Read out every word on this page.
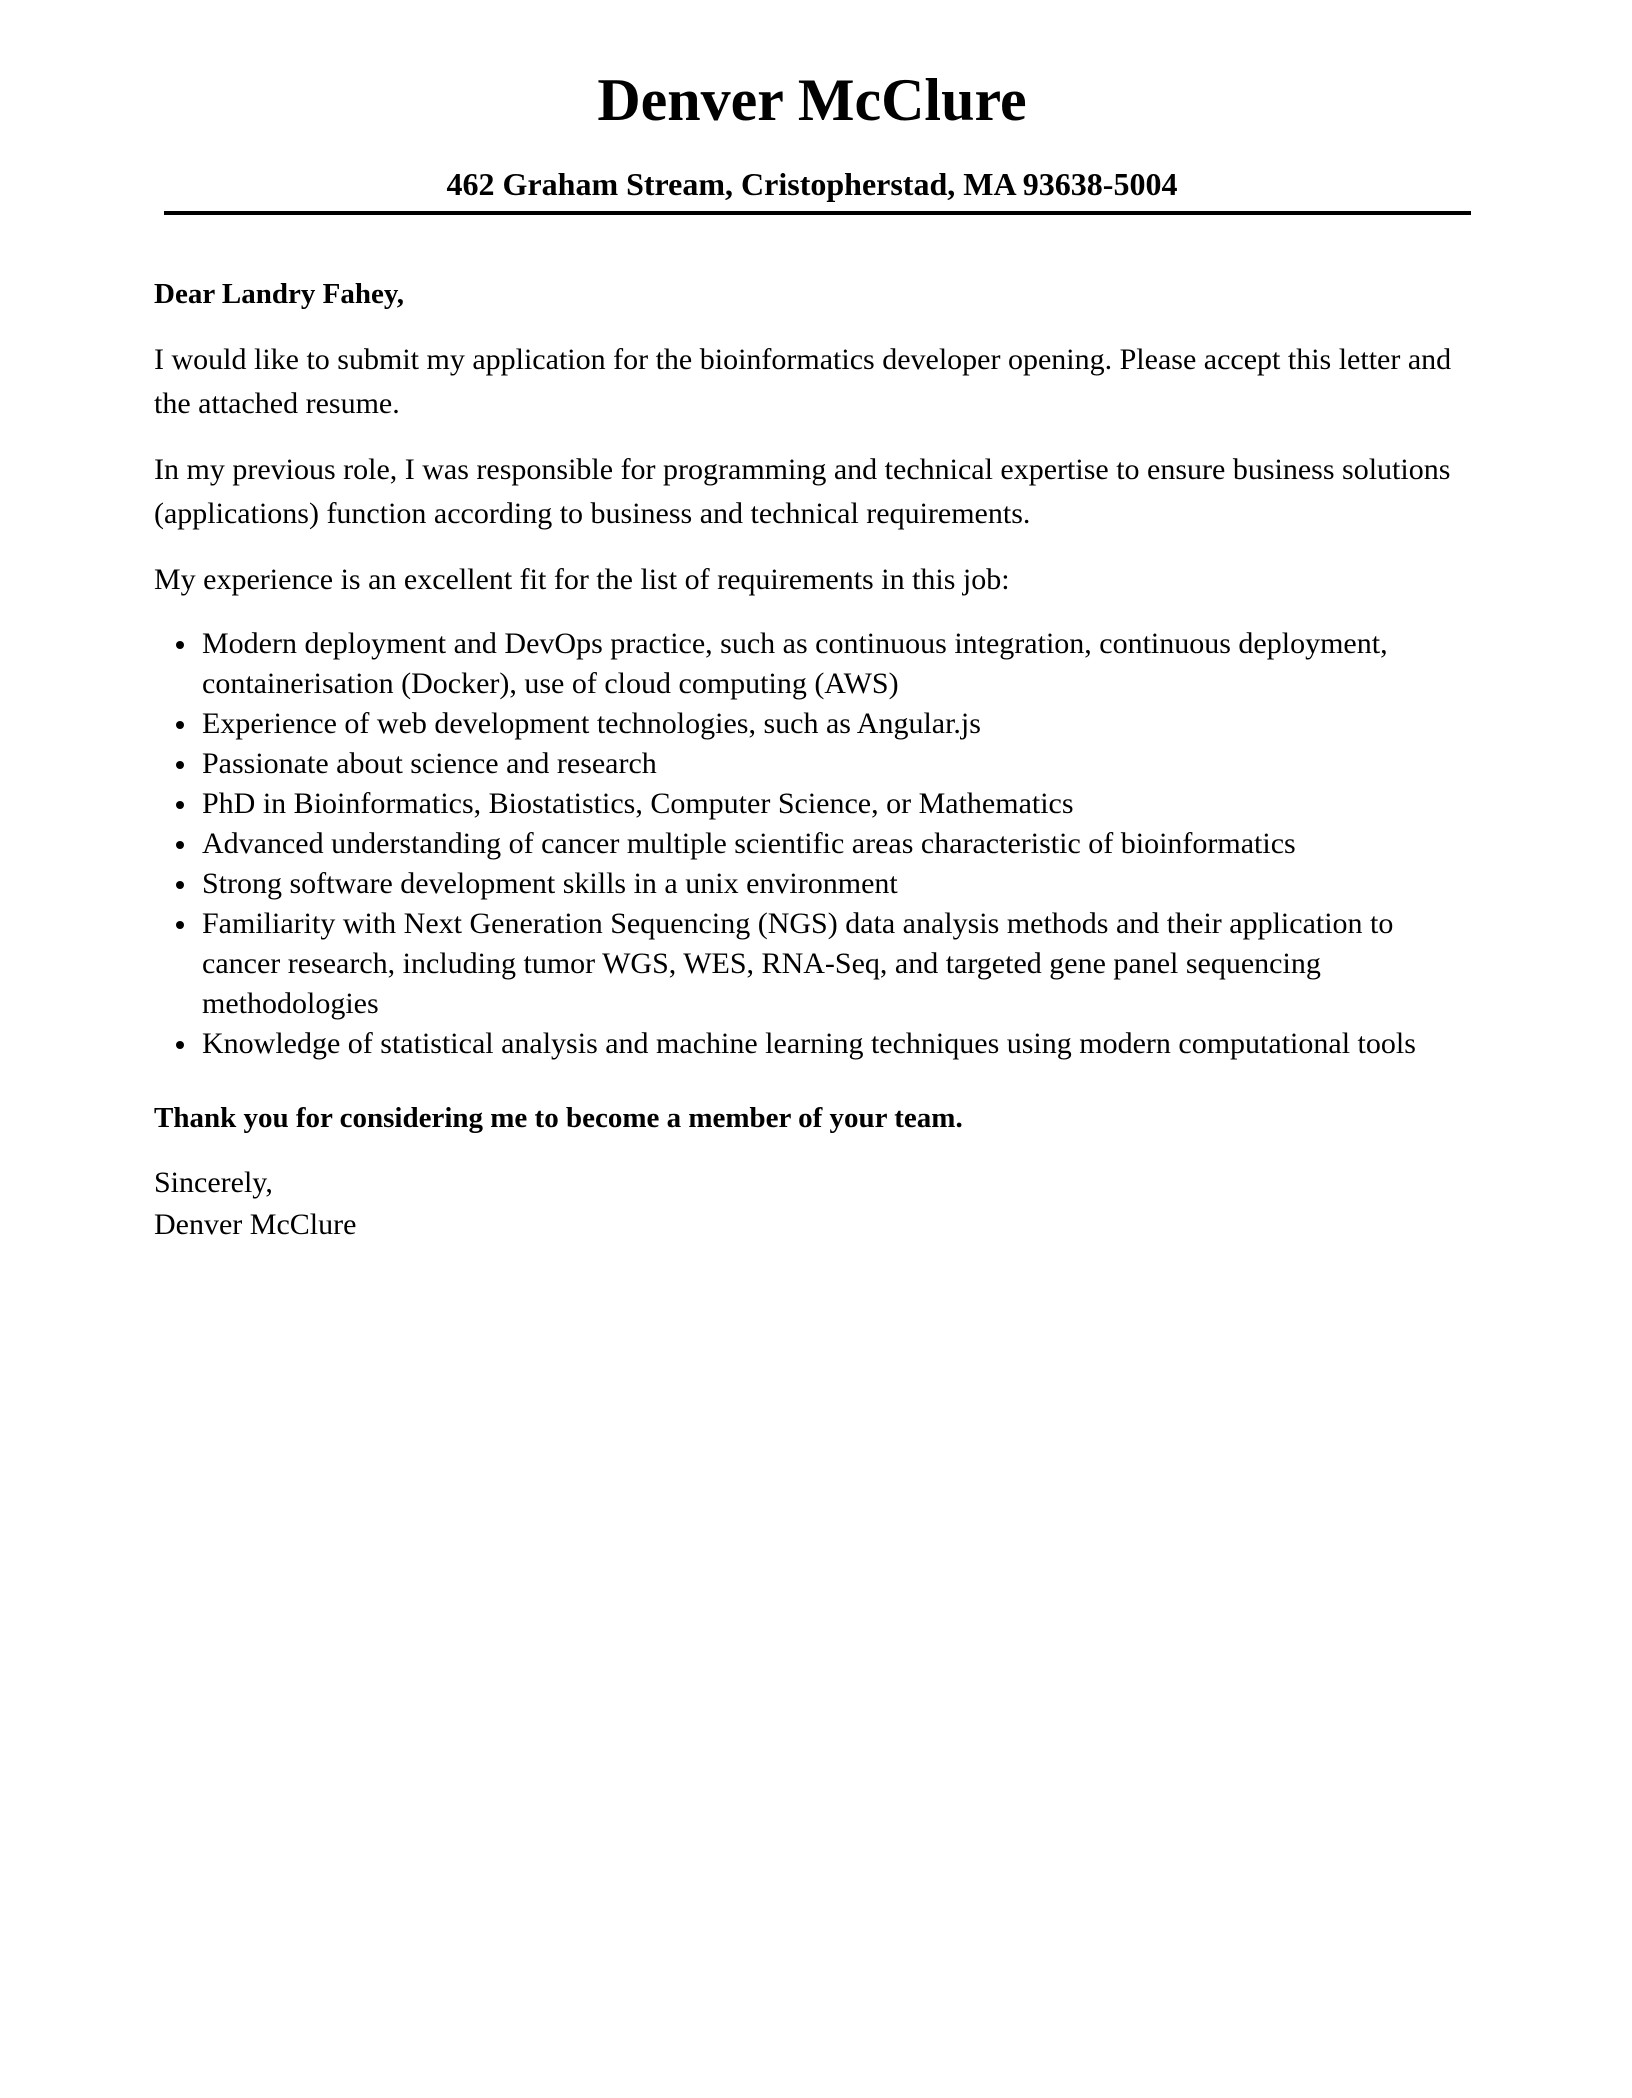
Denver McClure
462 Graham Stream, Cristopherstad, MA 93638-5004

Dear Landry Fahey,

I would like to submit my application for the bioinformatics developer opening. Please accept this letter and the attached resume.

In my previous role, I was responsible for programming and technical expertise to ensure business solutions (applications) function according to business and technical requirements.

My experience is an excellent fit for the list of requirements in this job:

Modern deployment and DevOps practice, such as continuous integration, continuous deployment, containerisation (Docker), use of cloud computing (AWS)
Experience of web development technologies, such as Angular.js
Passionate about science and research
PhD in Bioinformatics, Biostatistics, Computer Science, or Mathematics
Advanced understanding of cancer multiple scientific areas characteristic of bioinformatics
Strong software development skills in a unix environment
Familiarity with Next Generation Sequencing (NGS) data analysis methods and their application to cancer research, including tumor WGS, WES, RNA-Seq, and targeted gene panel sequencing methodologies
Knowledge of statistical analysis and machine learning techniques using modern computational tools

Thank you for considering me to become a member of your team.

Sincerely,

Denver McClure
